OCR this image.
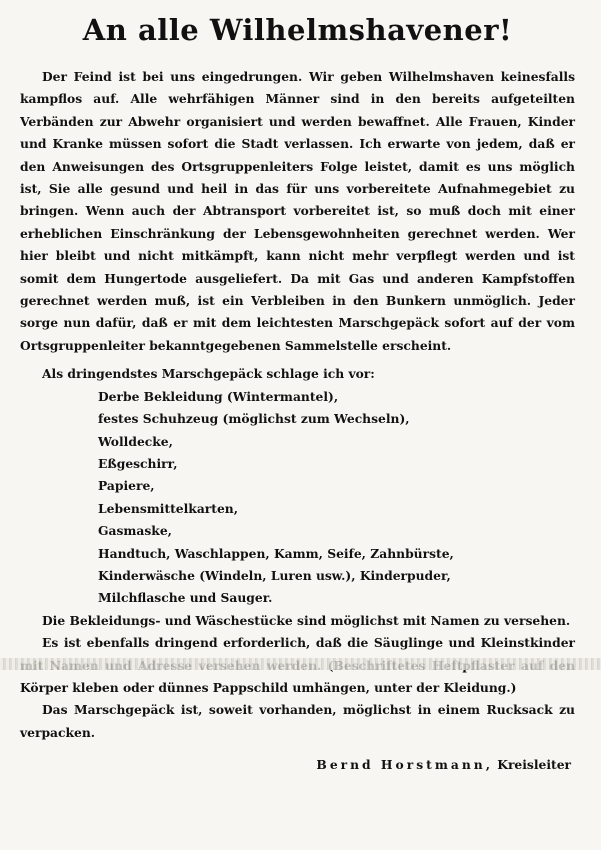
An alle Wilhelmshavener!

Der Feind ist bei uns eingedrungen. Wir geben Wilhelmshaven keinesfalls kampflos auf. Alle wehrfähigen Männer sind in den bereits aufgeteilten Verbänden zur Abwehr organisiert und werden bewaffnet. Alle Frauen, Kinder und Kranke müssen sofort die Stadt verlassen. Ich erwarte von jedem, daß er den Anweisungen des Ortsgruppenleiters Folge leistet, damit es uns möglich ist, Sie alle gesund und heil in das für uns vorbereitete Aufnahmegebiet zu bringen. Wenn auch der Abtransport vorbereitet ist, so muß doch mit einer erheblichen Einschränkung der Lebensgewohnheiten gerechnet werden. Wer hier bleibt und nicht mitkämpft, kann nicht mehr verpflegt werden und ist somit dem Hungertode ausgeliefert. Da mit Gas und anderen Kampfstoffen gerechnet werden muß, ist ein Verbleiben in den Bunkern unmöglich. Jeder sorge nun dafür, daß er mit dem leichtesten Marschgepäck sofort auf der vom Ortsgruppenleiter bekanntgegebenen Sammelstelle erscheint.

Als dringendstes Marschgepäck schlage ich vor:

Derbe Bekleidung (Wintermantel),
festes Schuhzeug (möglichst zum Wechseln),
Wolldecke,
Eßgeschirr,
Papiere,
Lebensmittelkarten,
Gasmaske,
Handtuch, Waschlappen, Kamm, Seife, Zahnbürste,
Kinderwäsche (Windeln, Luren usw.), Kinderpuder,
Milchflasche und Sauger.

Die Bekleidungs- und Wäschestücke sind möglichst mit Namen zu versehen.

Es ist ebenfalls dringend erforderlich, daß die Säuglinge und Kleinstkinder Körper kleben oder dünnes Pappschild umhängen, unter der Kleidung.)

Das Marschgepäck ist, soweit vorhanden, möglichst in einem Rucksack zu verpacken.

Bernd Horstmann, Kreisleiter
